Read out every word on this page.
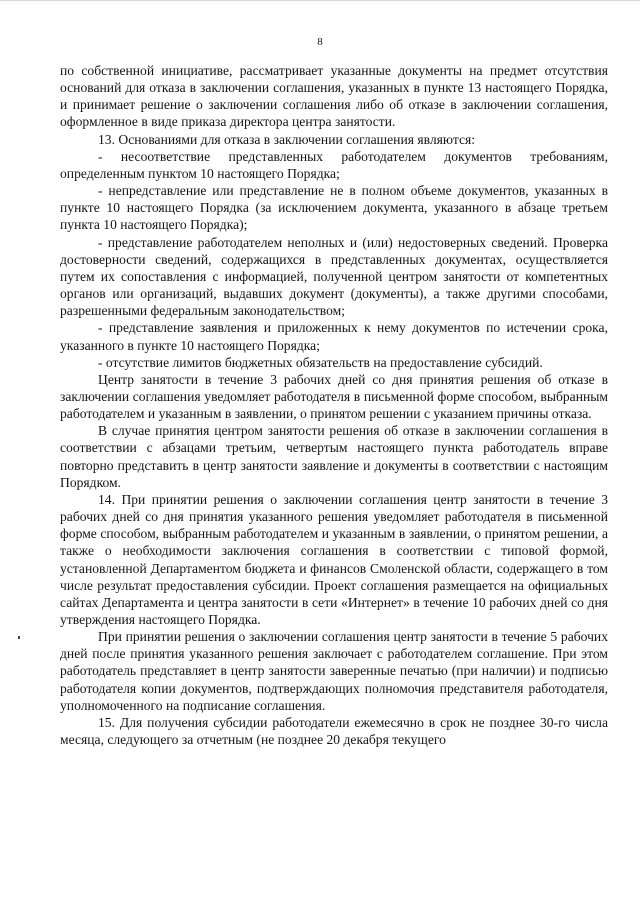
8

по собственной инициативе, рассматривает указанные документы на предмет отсутствия оснований для отказа в заключении соглашения, указанных в пункте 13 настоящего Порядка, и принимает решение о заключении соглашения либо об отказе в заключении соглашения, оформленное в виде приказа директора центра занятости.

13. Основаниями для отказа в заключении соглашения являются:

- несоответствие представленных работодателем документов требованиям, определенным пунктом 10 настоящего Порядка;

- непредставление или представление не в полном объеме документов, указанных в пункте 10 настоящего Порядка (за исключением документа, указанного в абзаце третьем пункта 10 настоящего Порядка);

- представление работодателем неполных и (или) недостоверных сведений. Проверка достоверности сведений, содержащихся в представленных документах, осуществляется путем их сопоставления с информацией, полученной центром занятости от компетентных органов или организаций, выдавших документ (документы), а также другими способами, разрешенными федеральным законодательством;

- представление заявления и приложенных к нему документов по истечении срока, указанного в пункте 10 настоящего Порядка;

- отсутствие лимитов бюджетных обязательств на предоставление субсидий.

Центр занятости в течение 3 рабочих дней со дня принятия решения об отказе в заключении соглашения уведомляет работодателя в письменной форме способом, выбранным работодателем и указанным в заявлении, о принятом решении с указанием причины отказа.

В случае принятия центром занятости решения об отказе в заключении соглашения в соответствии с абзацами третьим, четвертым настоящего пункта работодатель вправе повторно представить в центр занятости заявление и документы в соответствии с настоящим Порядком.

14. При принятии решения о заключении соглашения центр занятости в течение 3 рабочих дней со дня принятия указанного решения уведомляет работодателя в письменной форме способом, выбранным работодателем и указанным в заявлении, о принятом решении, а также о необходимости заключения соглашения в соответствии с типовой формой, установленной Департаментом бюджета и финансов Смоленской области, содержащего в том числе результат предоставления субсидии. Проект соглашения размещается на официальных сайтах Департамента и центра занятости в сети «Интернет» в течение 10 рабочих дней со дня утверждения настоящего Порядка.

При принятии решения о заключении соглашения центр занятости в течение 5 рабочих дней после принятия указанного решения заключает с работодателем соглашение. При этом работодатель представляет в центр занятости заверенные печатью (при наличии) и подписью работодателя копии документов, подтверждающих полномочия представителя работодателя, уполномоченного на подписание соглашения.

15. Для получения субсидии работодатели ежемесячно в срок не позднее 30-го числа месяца, следующего за отчетным (не позднее 20 декабря текущего
